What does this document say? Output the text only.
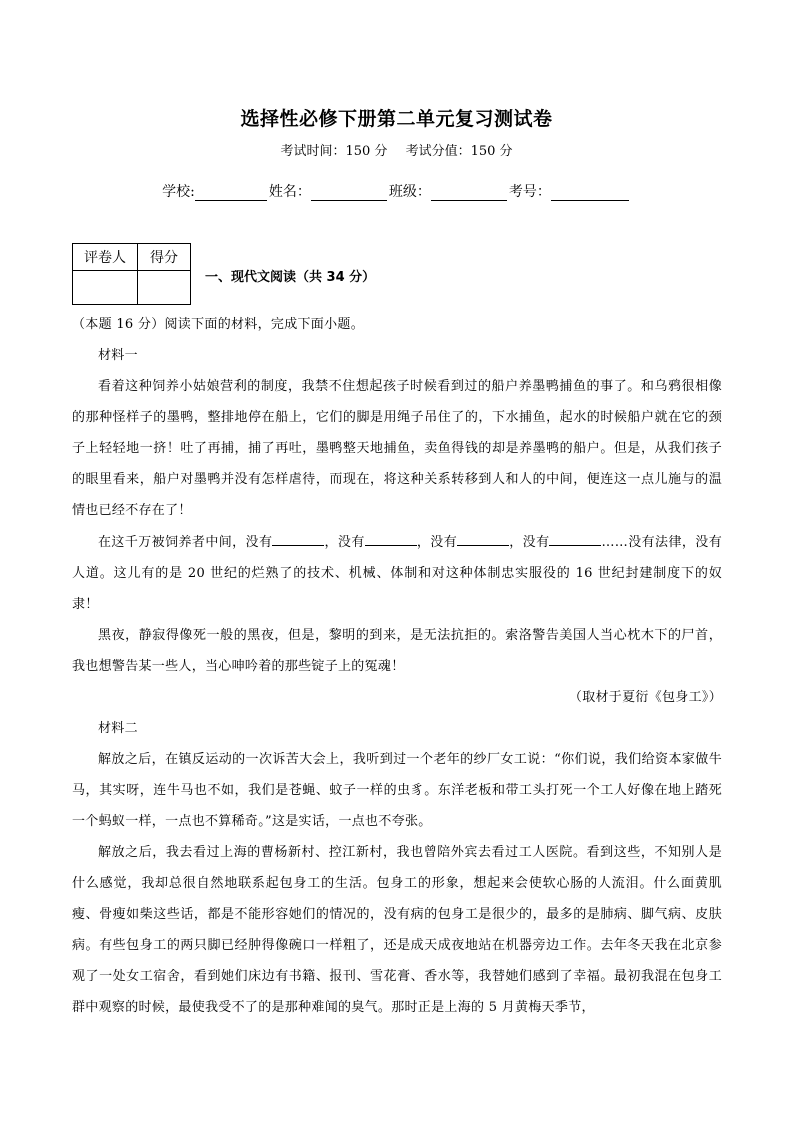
选择性必修下册第二单元复习测试卷
考试时间：150 分 考试分值：150 分
学校:	姓名：	班级：	考号：
评卷人	得分

一、现代文阅读（共 34 分）
（本题 16 分）阅读下面的材料，完成下面小题。
材料一
看着这种饲养小姑娘营利的制度，我禁不住想起孩子时候看到过的船户养墨鸭捕鱼的事了。和乌鸦很相像的那种怪样子的墨鸭，整排地停在船上，它们的脚是用绳子吊住了的，下水捕鱼，起水的时候船户就在它的颈子上轻轻地一挤！吐了再捕，捕了再吐，墨鸭整天地捕鱼，卖鱼得钱的却是养墨鸭的船户。但是，从我们孩子的眼里看来，船户对墨鸭并没有怎样虐待，而现在，将这种关系转移到人和人的中间，便连这一点儿施与的温情也已经不存在了！
在这千万被饲养者中间，没有	，没有	，没有	，没有	……没有法律，没有人道。这儿有的是 20 世纪的烂熟了的技术、机械、体制和对这种体制忠实服役的 16 世纪封建制度下的奴隶！
黑夜，静寂得像死一般的黑夜，但是，黎明的到来，是无法抗拒的。索洛警告美国人当心枕木下的尸首，我也想警告某一些人，当心呻吟着的那些锭子上的冤魂！
（取材于夏衍《包身工》）
材料二
解放之后，在镇反运动的一次诉苦大会上，我听到过一个老年的纱厂女工说：“你们说，我们给资本家做牛马，其实呀，连牛马也不如，我们是苍蝇、蚊子一样的虫豸。东洋老板和带工头打死一个工人好像在地上踏死一个蚂蚁一样，一点也不算稀奇。”这是实话，一点也不夸张。
解放之后，我去看过上海的曹杨新村、控江新村，我也曾陪外宾去看过工人医院。看到这些，不知别人是什么感觉，我却总很自然地联系起包身工的生活。包身工的形象，想起来会使软心肠的人流泪。什么面黄肌瘦、骨瘦如柴这些话，都是不能形容她们的情况的，没有病的包身工是很少的，最多的是肺病、脚气病、皮肤病。有些包身工的两只脚已经肿得像碗口一样粗了，还是成天成夜地站在机器旁边工作。去年冬天我在北京参观了一处女工宿舍，看到她们床边有书籍、报刊、雪花膏、香水等，我替她们感到了幸福。最初我混在包身工群中观察的时候，最使我受不了的是那种难闻的臭气。那时正是上海的 5 月黄梅天季节，
